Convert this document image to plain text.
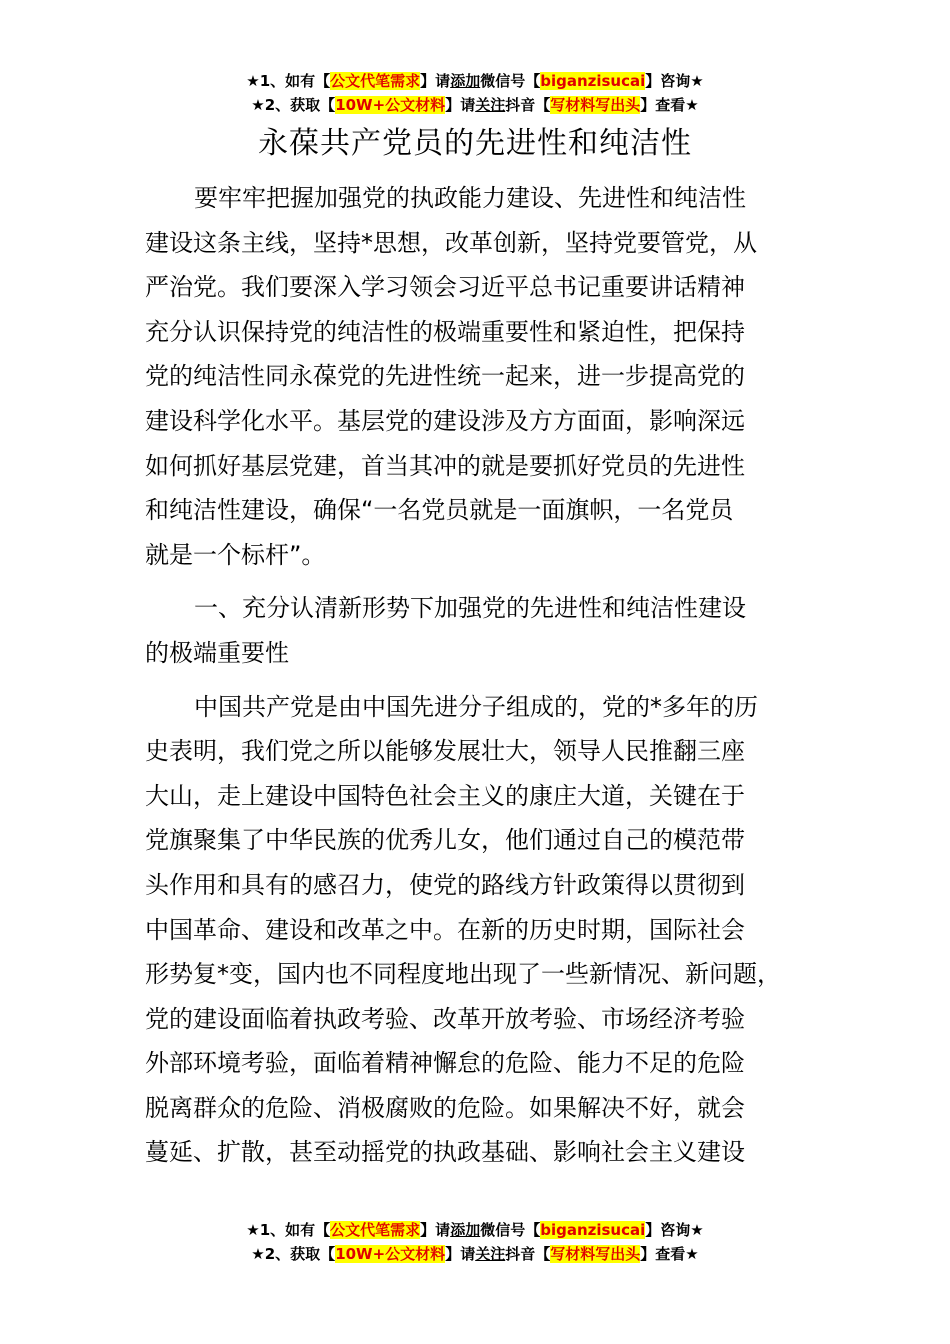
★1、如有【公文代笔需求】请添加微信号【biganzisucai】咨询★
★2、获取【10W+公文材料】请关注抖音【写材料写出头】查看★
永葆共产党员的先进性和纯洁性
要牢牢把握加强党的执政能力建设、先进性和纯洁性
建设这条主线，坚持*思想，改革创新，坚持党要管党，从
严治党。我们要深入学习领会习近平总书记重要讲话精神
充分认识保持党的纯洁性的极端重要性和紧迫性，把保持
党的纯洁性同永葆党的先进性统一起来，进一步提高党的
建设科学化水平。基层党的建设涉及方方面面，影响深远
如何抓好基层党建，首当其冲的就是要抓好党员的先进性
和纯洁性建设，确保“一名党员就是一面旗帜，一名党员
就是一个标杆”。
一、充分认清新形势下加强党的先进性和纯洁性建设
的极端重要性
中国共产党是由中国先进分子组成的，党的*多年的历
史表明，我们党之所以能够发展壮大，领导人民推翻三座
大山，走上建设中国特色社会主义的康庄大道，关键在于
党旗聚集了中华民族的优秀儿女，他们通过自己的模范带
头作用和具有的感召力，使党的路线方针政策得以贯彻到
中国革命、建设和改革之中。在新的历史时期，国际社会
形势复*变，国内也不同程度地出现了一些新情况、新问题，
党的建设面临着执政考验、改革开放考验、市场经济考验
外部环境考验，面临着精神懈怠的危险、能力不足的危险
脱离群众的危险、消极腐败的危险。如果解决不好，就会
蔓延、扩散，甚至动摇党的执政基础、影响社会主义建设
★1、如有【公文代笔需求】请添加微信号【biganzisucai】咨询★
★2、获取【10W+公文材料】请关注抖音【写材料写出头】查看★
